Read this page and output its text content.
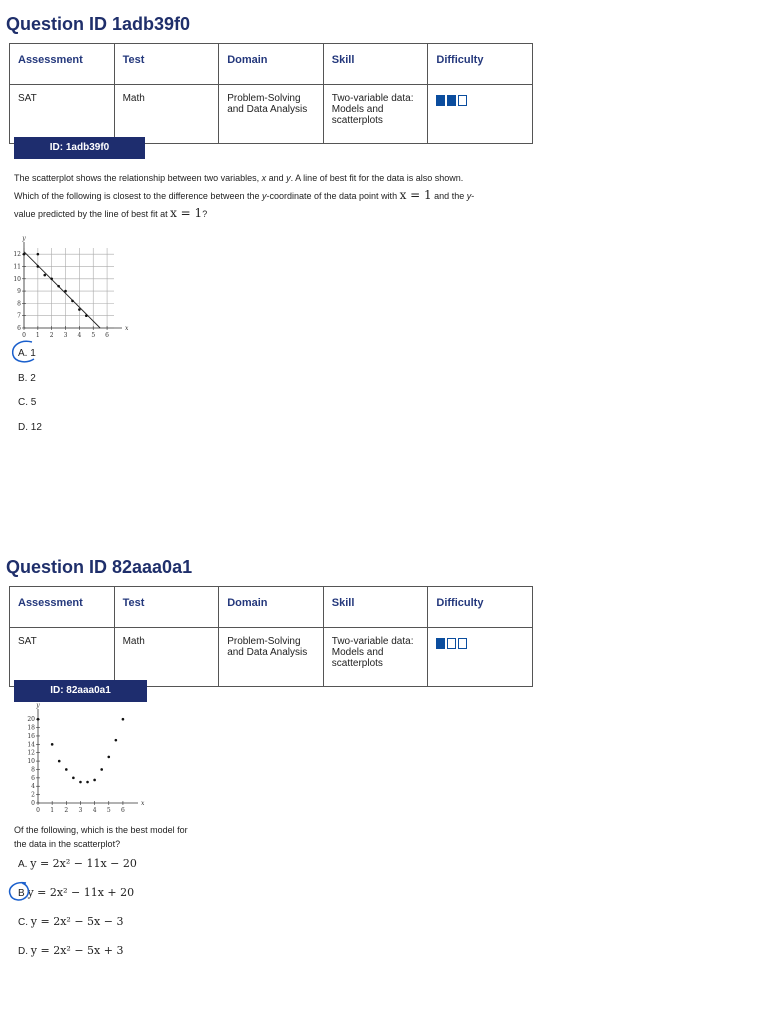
Question ID 1adb39f0
Assessment	Test	Domain	Skill	Difficulty
SAT	Math	Problem-Solving and Data Analysis	Two-variable data: Models and scatterplots	
ID: 1adb39f0
The scatterplot shows the relationship between two variables, x and y. A line of best fit for the data is also shown.
Which of the following is closest to the difference between the y-coordinate of the data point with x = 1 and the y-
value predicted by the line of best fit at x = 1?
0 1 2 3 4 5 6
6
7
8
9
10
11
12
x
y
A. 1
B. 2
C. 5
D. 12
Question ID 82aaa0a1
Assessment	Test	Domain	Skill	Difficulty
SAT	Math	Problem-Solving and Data Analysis	Two-variable data: Models and scatterplots	
ID: 82aaa0a1
0 1 2 3 4 5 6
0
2
4
6
8
10
12
14
16
18
20
x
y
Of the following, which is the best model for
the data in the scatterplot?
A. y = 2x² − 11x − 20
B y = 2x² − 11x + 20
C. y = 2x² − 5x − 3
D. y = 2x² − 5x + 3
